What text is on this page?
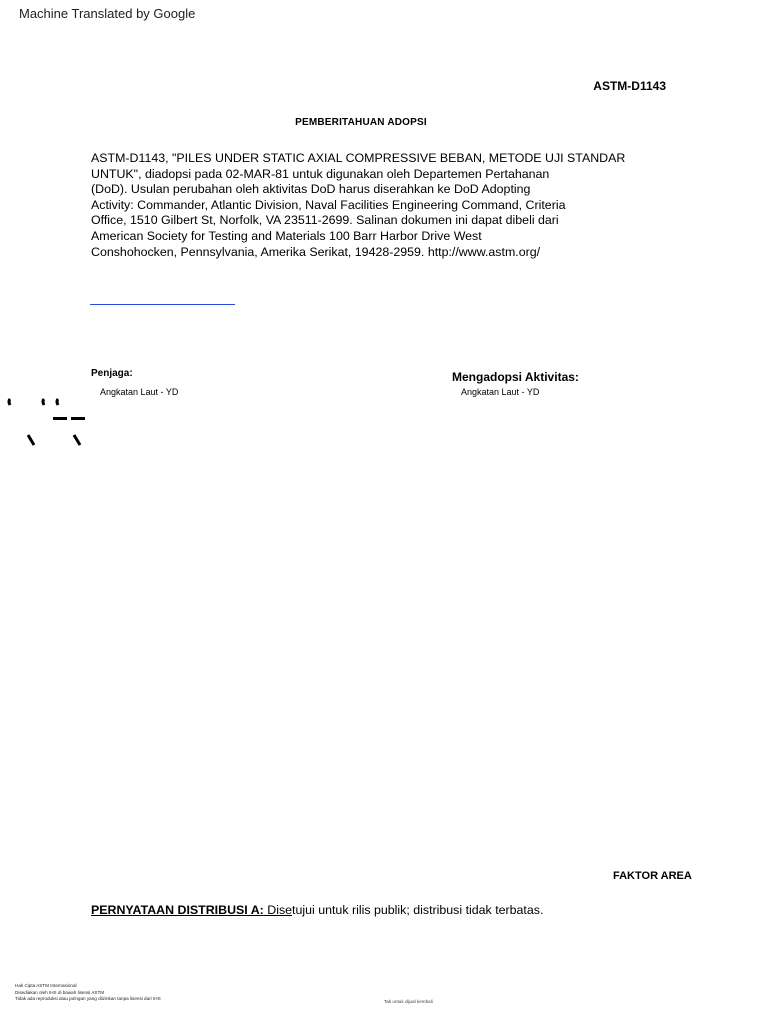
Machine Translated by Google
ASTM-D1143
PEMBERITAHUAN ADOPSI
ASTM-D1143, "PILES UNDER STATIC AXIAL COMPRESSIVE BEBAN, METODE UJI STANDAR
UNTUK", diadopsi pada 02-MAR-81 untuk digunakan oleh Departemen Pertahanan
(DoD). Usulan perubahan oleh aktivitas DoD harus diserahkan ke DoD Adopting
Activity: Commander, Atlantic Division, Naval Facilities Engineering Command, Criteria
Office, 1510 Gilbert St, Norfolk, VA 23511-2699. Salinan dokumen ini dapat dibeli dari
American Society for Testing and Materials 100 Barr Harbor Drive West
Conshohocken, Pennsylvania, Amerika Serikat, 19428-2959. http://www.astm.org/
Penjaga:
Angkatan Laut - YD
Mengadopsi Aktivitas:
Angkatan Laut - YD
FAKTOR AREA
PERNYATAAN DISTRIBUSI A: Disetujui untuk rilis publik; distribusi tidak terbatas.
Hak Cipta ASTM Internasional
Disediakan oleh IHS di bawah lisensi ASTM
Tidak ada reproduksi atau jaringan yang diizinkan tanpa lisensi dari IHS
Tak untuk dijual kembali
